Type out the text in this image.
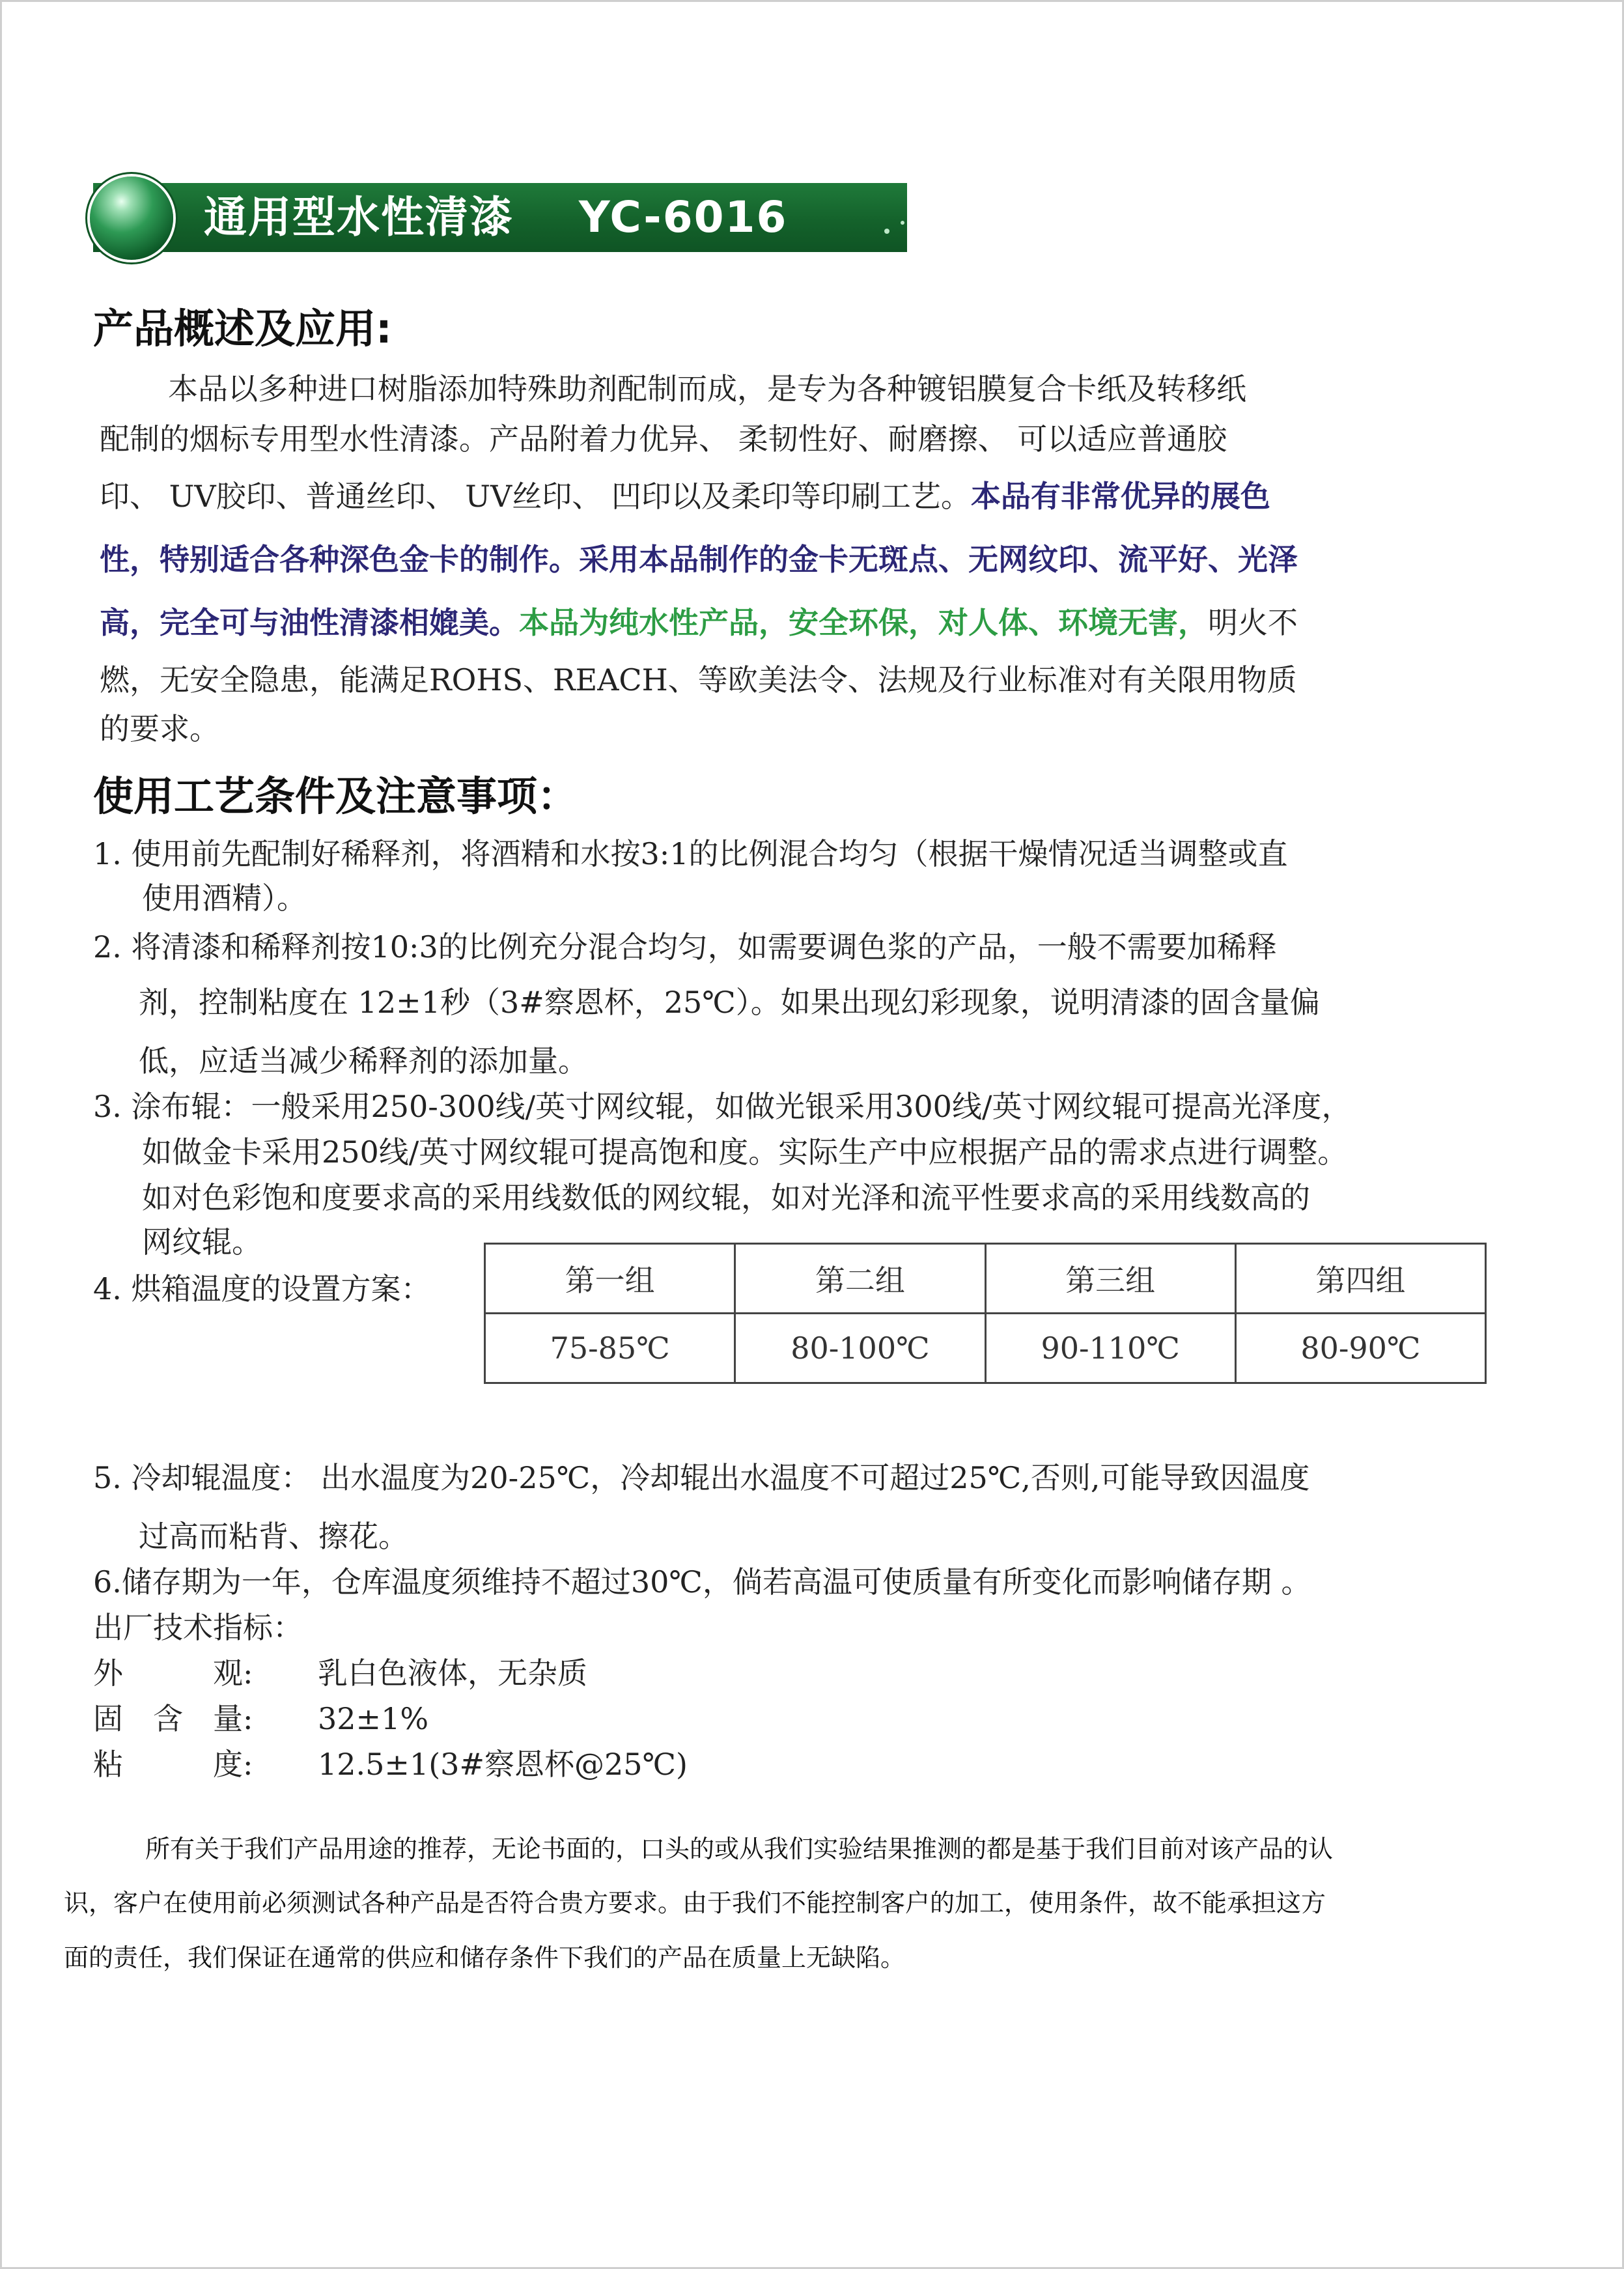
通用型水性清漆    YC-6016
产品概述及应用:
本品以多种进口树脂添加特殊助剂配制而成，是专为各种镀铝膜复合卡纸及转移纸
配制的烟标专用型水性清漆。产品附着力优异、 柔韧性好、耐磨擦、 可以适应普通胶
印、 UV胶印、普通丝印、 UV丝印、 凹印以及柔印等印刷工艺。本品有非常优异的展色
性，特别适合各种深色金卡的制作。采用本品制作的金卡无斑点、无网纹印、流平好、光泽
高，完全可与油性清漆相媲美。本品为纯水性产品，安全环保，对人体、环境无害，明火不
燃，无安全隐患，能满足ROHS、REACH、等欧美法令、法规及行业标准对有关限用物质
的要求。
使用工艺条件及注意事项：
1. 使用前先配制好稀释剂，将酒精和水按3:1的比例混合均匀（根据干燥情况适当调整或直
使用酒精）。
2. 将清漆和稀释剂按10:3的比例充分混合均匀，如需要调色浆的产品，一般不需要加稀释
剂，控制粘度在 12±1秒（3#察恩杯，25℃）。如果出现幻彩现象，说明清漆的固含量偏
低，应适当减少稀释剂的添加量。
3. 涂布辊：一般采用250-300线/英寸网纹辊，如做光银采用300线/英寸网纹辊可提高光泽度，
如做金卡采用250线/英寸网纹辊可提高饱和度。实际生产中应根据产品的需求点进行调整。
如对色彩饱和度要求高的采用线数低的网纹辊，如对光泽和流平性要求高的采用线数高的
网纹辊。
4. 烘箱温度的设置方案：	第一组	第二组	第三组	第四组
75-85℃	80-100℃	90-110℃	80-90℃
5. 冷却辊温度： 出水温度为20-25℃，冷却辊出水温度不可超过25℃,否则,可能导致因温度
过高而粘背、擦花。
6.储存期为一年，仓库温度须维持不超过30℃，倘若高温可使质量有所变化而影响储存期 。
出厂技术指标：
外　　　观: 乳白色液体，无杂质
固　含　量: 32±1%
粘　　　度: 12.5±1(3#察恩杯@25℃)
所有关于我们产品用途的推荐，无论书面的，口头的或从我们实验结果推测的都是基于我们目前对该产品的认
识，客户在使用前必须测试各种产品是否符合贵方要求。由于我们不能控制客户的加工，使用条件，故不能承担这方
面的责任，我们保证在通常的供应和储存条件下我们的产品在质量上无缺陷。
